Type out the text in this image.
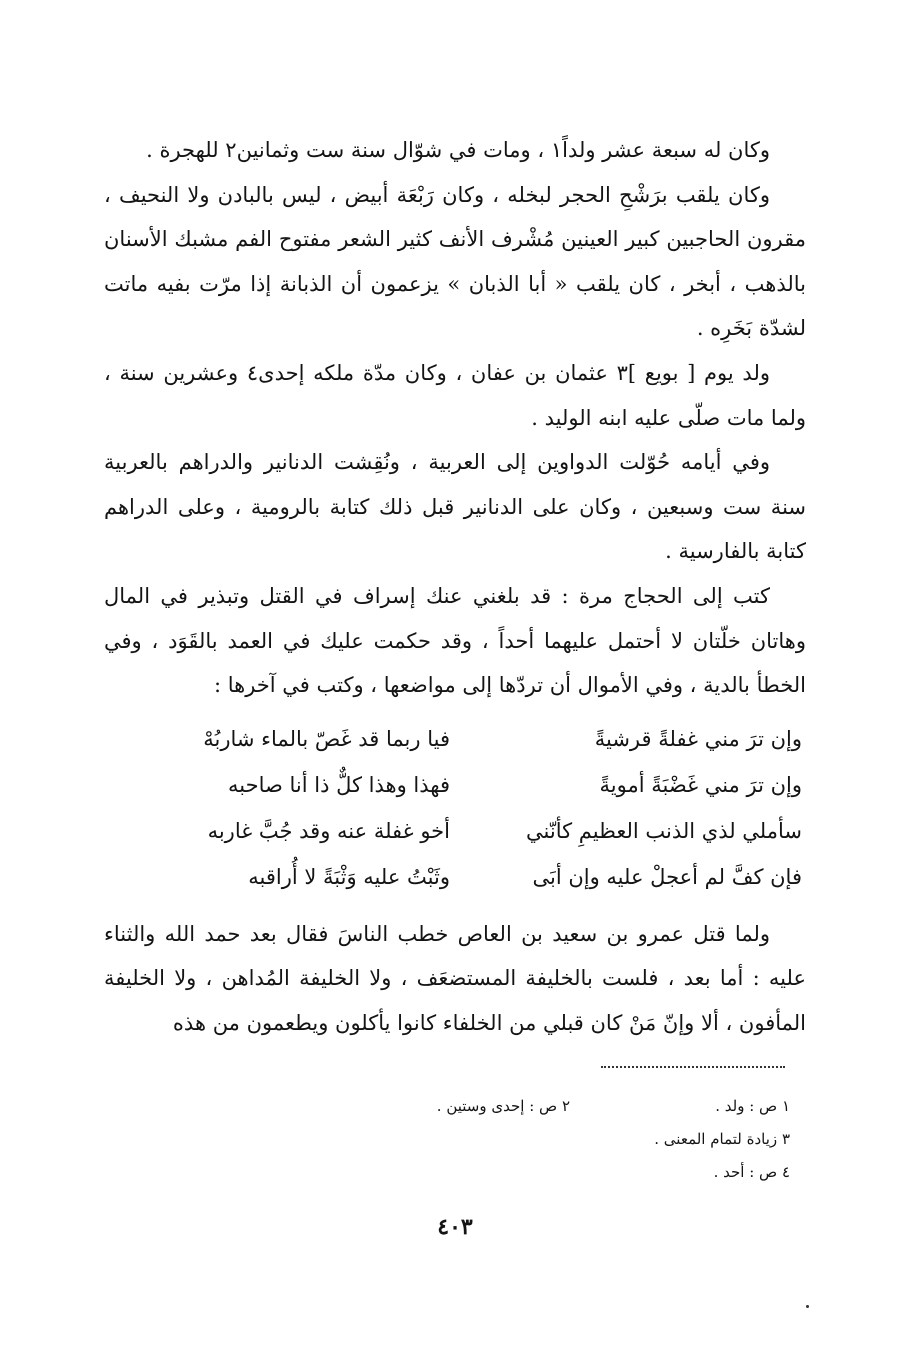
وكان له سبعة عشر ولداً١ ، ومات في شوّال سنة ست وثمانين٢ للهجرة .

وكان يلقب برَشْحِ الحجر لبخله ، وكان رَبْعَة أبيض ، ليس بالبادن ولا النحيف ، مقرون الحاجبين كبير العينين مُشْرف الأنف كثير الشعر مفتوح الفم مشبك الأسنان بالذهب ، أبخر ، كان يلقب « أبا الذبان » يزعمون أن الذبانة إذا مرّت بفيه ماتت لشدّة بَخَرِه .

ولد يوم [ بويع ]٣ عثمان بن عفان ، وكان مدّة ملكه إحدى٤ وعشرين سنة ، ولما مات صلّى عليه ابنه الوليد .

وفي أيامه حُوّلت الدواوين إلى العربية ، ونُقِشت الدنانير والدراهم بالعربية سنة ست وسبعين ، وكان على الدنانير قبل ذلك كتابة بالرومية ، وعلى الدراهم كتابة بالفارسية .

كتب إلى الحجاج مرة : قد بلغني عنك إسراف في القتل وتبذير في المال وهاتان خلّتان لا أحتمل عليهما أحداً ، وقد حكمت عليك في العمد بالقَوَد ، وفي الخطأ بالدية ، وفي الأموال أن تردّها إلى مواضعها ، وكتب في آخرها :

وإن ترَ مني غفلةً قرشيةً
فيا ربما قد غَصّ بالماء شاربُهْ
وإن ترَ مني غَضْبَةً أمويةً
فهذا وهذا كلٌّ ذا أنا صاحبه
سأملي لذي الذنب العظيمِ كأنّني
أخو غفلة عنه وقد جُبَّ غاربه
فإن كفَّ لم أعجلْ عليه وإن أبَى
وثَبْتُ عليه وَثْبَةً لا أُراقبه

ولما قتل عمرو بن سعيد بن العاص خطب الناسَ فقال بعد حمد الله والثناء عليه : أما بعد ، فلست بالخليفة المستضعَف ، ولا الخليفة المُداهن ، ولا الخليفة المأفون ، ألا وإنّ مَنْ كان قبلي من الخلفاء كانوا يأكلون ويطعمون من هذه

١ ص : ولد .
٢ ص : إحدى وستين .
٣ زيادة لتمام المعنى .
٤ ص : أحد .
٤٠٣
